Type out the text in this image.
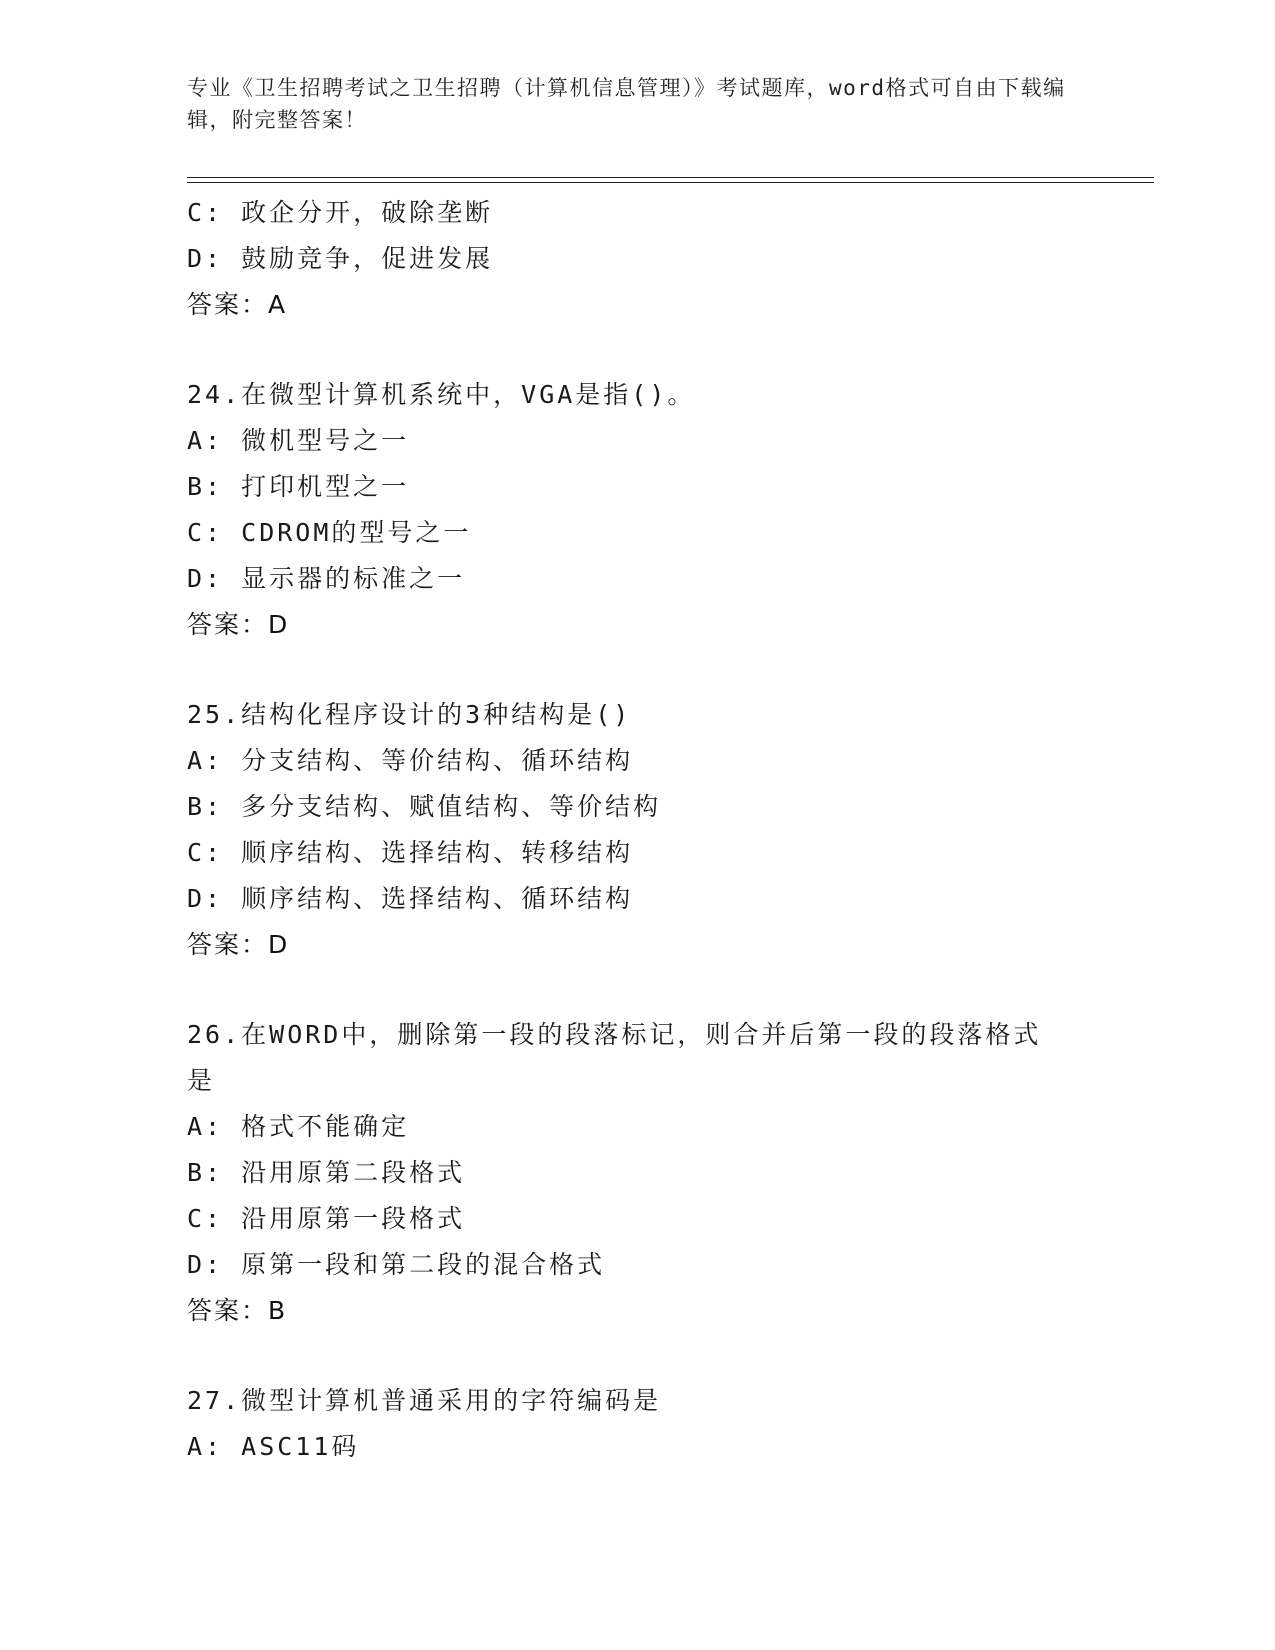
专业《卫生招聘考试之卫生招聘（计算机信息管理）》考试题库，word格式可自由下载编辑，附完整答案！
C: 政企分开，破除垄断
D: 鼓励竞争，促进发展
答案：A
24.在微型计算机系统中，VGA是指()。
A: 微机型号之一
B: 打印机型之一
C: CDROM的型号之一
D: 显示器的标准之一
答案：D
25.结构化程序设计的3种结构是()
A: 分支结构、等价结构、循环结构
B: 多分支结构、赋值结构、等价结构
C: 顺序结构、选择结构、转移结构
D: 顺序结构、选择结构、循环结构
答案：D
26.在WORD中，删除第一段的段落标记，则合并后第一段的段落格式是
A: 格式不能确定
B: 沿用原第二段格式
C: 沿用原第一段格式
D: 原第一段和第二段的混合格式
答案：B
27.微型计算机普通采用的字符编码是
A: ASC11码
